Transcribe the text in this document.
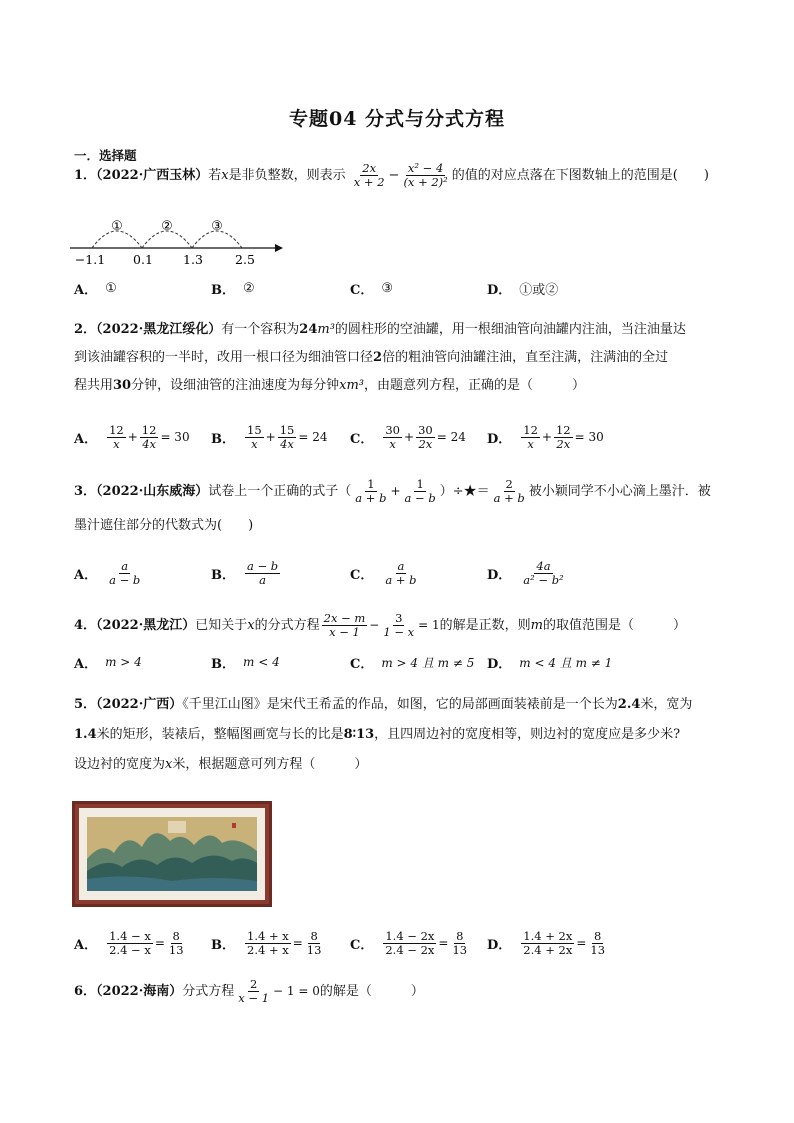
专题04 分式与分式方程
一．选择题
1．（2022·广西玉林）若x是非负整数，则表示 $\frac{2x}{x + 2} - \frac{\text{x² − 4}}{\text{(x + 2)²}}$ 的值的对应点落在下图数轴上的范围是(　　)
①	②	③
−1.1 0.1 1.3	2.5
A． ①	B． ②	C． ③	D． ①或②
2．（2022·黑龙江绥化）有一个容积为24m³的圆柱形的空油罐，用一根细油管向油罐内注油，当注油量达
到该油罐容积的一半时，改用一根口径为细油管口径2倍的粗油管向油罐注油，直至注满，注满油的全过
程共用30分钟，设细油管的注油速度为每分钟xm³，由题意列方程，正确的是（　　　）
A． $\frac{12}{x} + \frac{12}{4x} = 30$ B． $\frac{15}{x} + \frac{15}{4x} = 24$ C． $\frac{30}{x} + \frac{30}{2x} = 24$ D． $\frac{12}{x} + \frac{12}{2x} = 30$
3．（2022·山东威海）试卷上一个正确的式子（ $\frac{1}{a + b} + \frac{1}{a - b}$ ）÷★＝ $\frac{2}{a + b}$ 被小颖同学不小心滴上墨汁．被
墨汁遮住部分的代数式为(　　)
A． $\frac{a}{a - b}$	B． $\frac{a - b}{a}$	C． $\frac{a}{a + b}$	D． $\frac{4a}{\text{a² − b²}}$
4．（2022·黑龙江）已知关于x的分式方程 $\frac{2x - m}{x - 1} - \frac{3}{1 - x} = 1$的解是正数，则m的取值范围是（　　　）
A． m > 4	B． m < 4	C． m > 4 且 m ≠ 5 D． m < 4 且 m ≠ 1
5．（2022·广西）《千里江山图》是宋代王希孟的作品，如图，它的局部画面装裱前是一个长为2.4米，宽为
1.4米的矩形，装裱后，整幅图画宽与长的比是8∶13，且四周边衬的宽度相等，则边衬的宽度应是多少米?
设边衬的宽度为x米，根据题意可列方程（　　　）
A． $\frac{1.4 - x}{2.4 - x} = \frac{8}{13}$ B． $\frac{1.4 + x}{2.4 + x} = \frac{8}{13}$ C． $\frac{1.4 - 2x}{2.4 - 2x} = \frac{8}{13}$ D． $\frac{1.4 + 2x}{2.4 + 2x} = \frac{8}{13}$
6．（2022·海南）分式方程 $\frac{2}{x - 1} - 1 = 0$的解是（　　　）
